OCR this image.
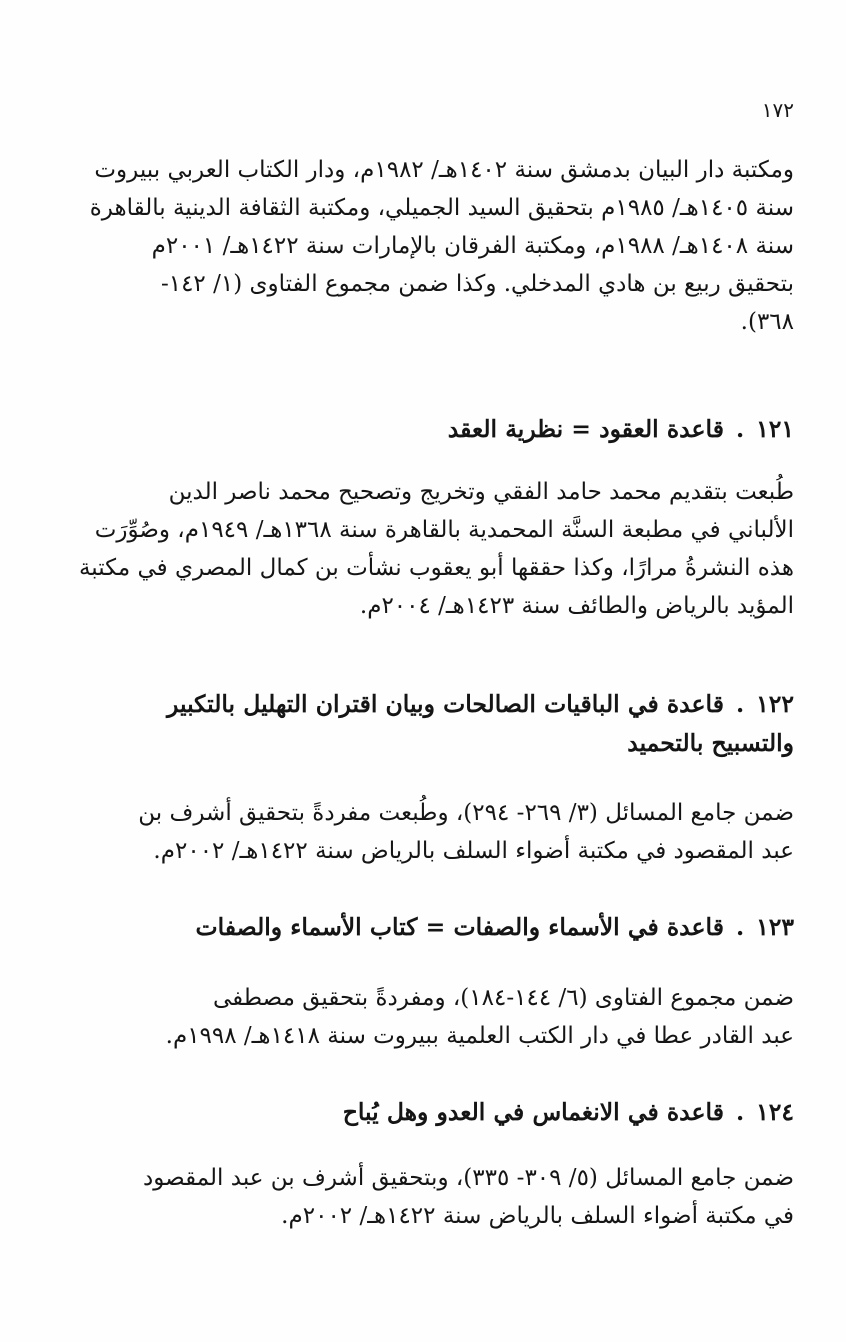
١٧٢
ومكتبة دار البيان بدمشق سنة ١٤٠٢هـ/ ١٩٨٢م، ودار الكتاب العربي ببيروت
سنة ١٤٠٥هـ/ ١٩٨٥م بتحقيق السيد الجميلي، ومكتبة الثقافة الدينية بالقاهرة
سنة ١٤٠٨هـ/ ١٩٨٨م، ومكتبة الفرقان بالإمارات سنة ١٤٢٢هـ/ ٢٠٠١م
بتحقيق ربيع بن هادي المدخلي. وكذا ضمن مجموع الفتاوى (١/ ١٤٢-
٣٦٨).
١٢١.قاعدة العقود = نظرية العقد
طُبعت بتقديم محمد حامد الفقي وتخريج وتصحيح محمد ناصر الدين
الألباني في مطبعة السنَّة المحمدية بالقاهرة سنة ١٣٦٨هـ/ ١٩٤٩م، وصُوِّرَت
هذه النشرةُ مرارًا، وكذا حققها أبو يعقوب نشأت بن كمال المصري في مكتبة
المؤيد بالرياض والطائف سنة ١٤٢٣هـ/ ٢٠٠٤م.
١٢٢.قاعدة في الباقيات الصالحات وبيان اقتران التهليل بالتكبير
والتسبيح بالتحميد
ضمن جامع المسائل (٣/ ٢٦٩- ٢٩٤)، وطُبعت مفردةً بتحقيق أشرف بن
عبد المقصود في مكتبة أضواء السلف بالرياض سنة ١٤٢٢هـ/ ٢٠٠٢م.
١٢٣.قاعدة في الأسماء والصفات = كتاب الأسماء والصفات
ضمن مجموع الفتاوى (٦/ ١٤٤-١٨٤)، ومفردةً بتحقيق مصطفى
عبد القادر عطا في دار الكتب العلمية ببيروت سنة ١٤١٨هـ/ ١٩٩٨م.
١٢٤.قاعدة في الانغماس في العدو وهل يُباح
ضمن جامع المسائل (٥/ ٣٠٩- ٣٣٥)، وبتحقيق أشرف بن عبد المقصود
في مكتبة أضواء السلف بالرياض سنة ١٤٢٢هـ/ ٢٠٠٢م.
